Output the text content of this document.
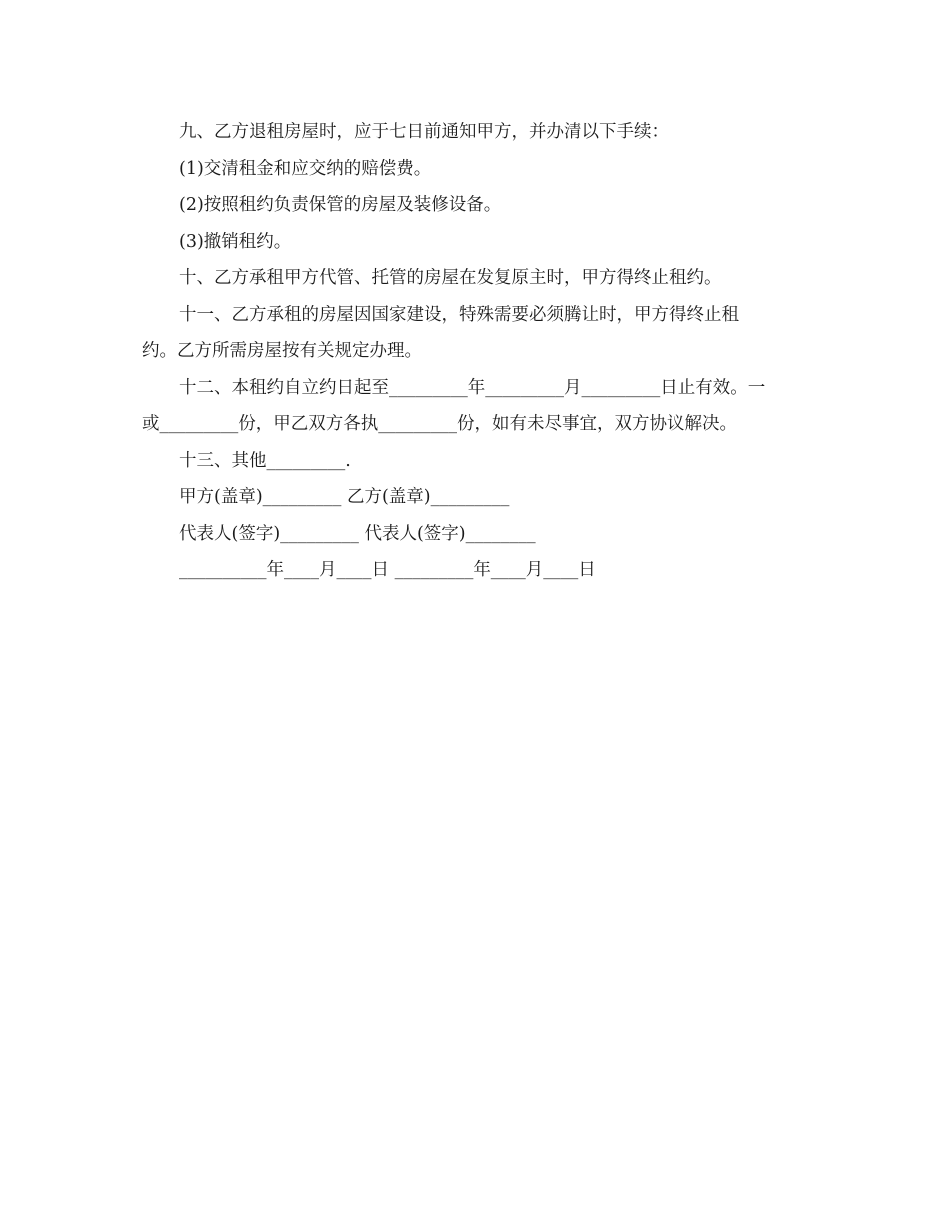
九、乙方退租房屋时，应于七日前通知甲方，并办清以下手续：
(1)交清租金和应交纳的赔偿费。
(2)按照租约负责保管的房屋及装修设备。
(3)撤销租约。
十、乙方承租甲方代管、托管的房屋在发复原主时，甲方得终止租约。
十一、乙方承租的房屋因国家建设，特殊需要必须腾让时，甲方得终止租
约。乙方所需房屋按有关规定办理。
十二、本租约自立约日起至_________年_________月_________日止有效。一
或_________份，甲乙双方各执_________份，如有未尽事宜，双方协议解决。
十三、其他_________.
甲方(盖章)_________ 乙方(盖章)_________
代表人(签字)_________ 代表人(签字)________
__________年____月____日 _________年____月____日
